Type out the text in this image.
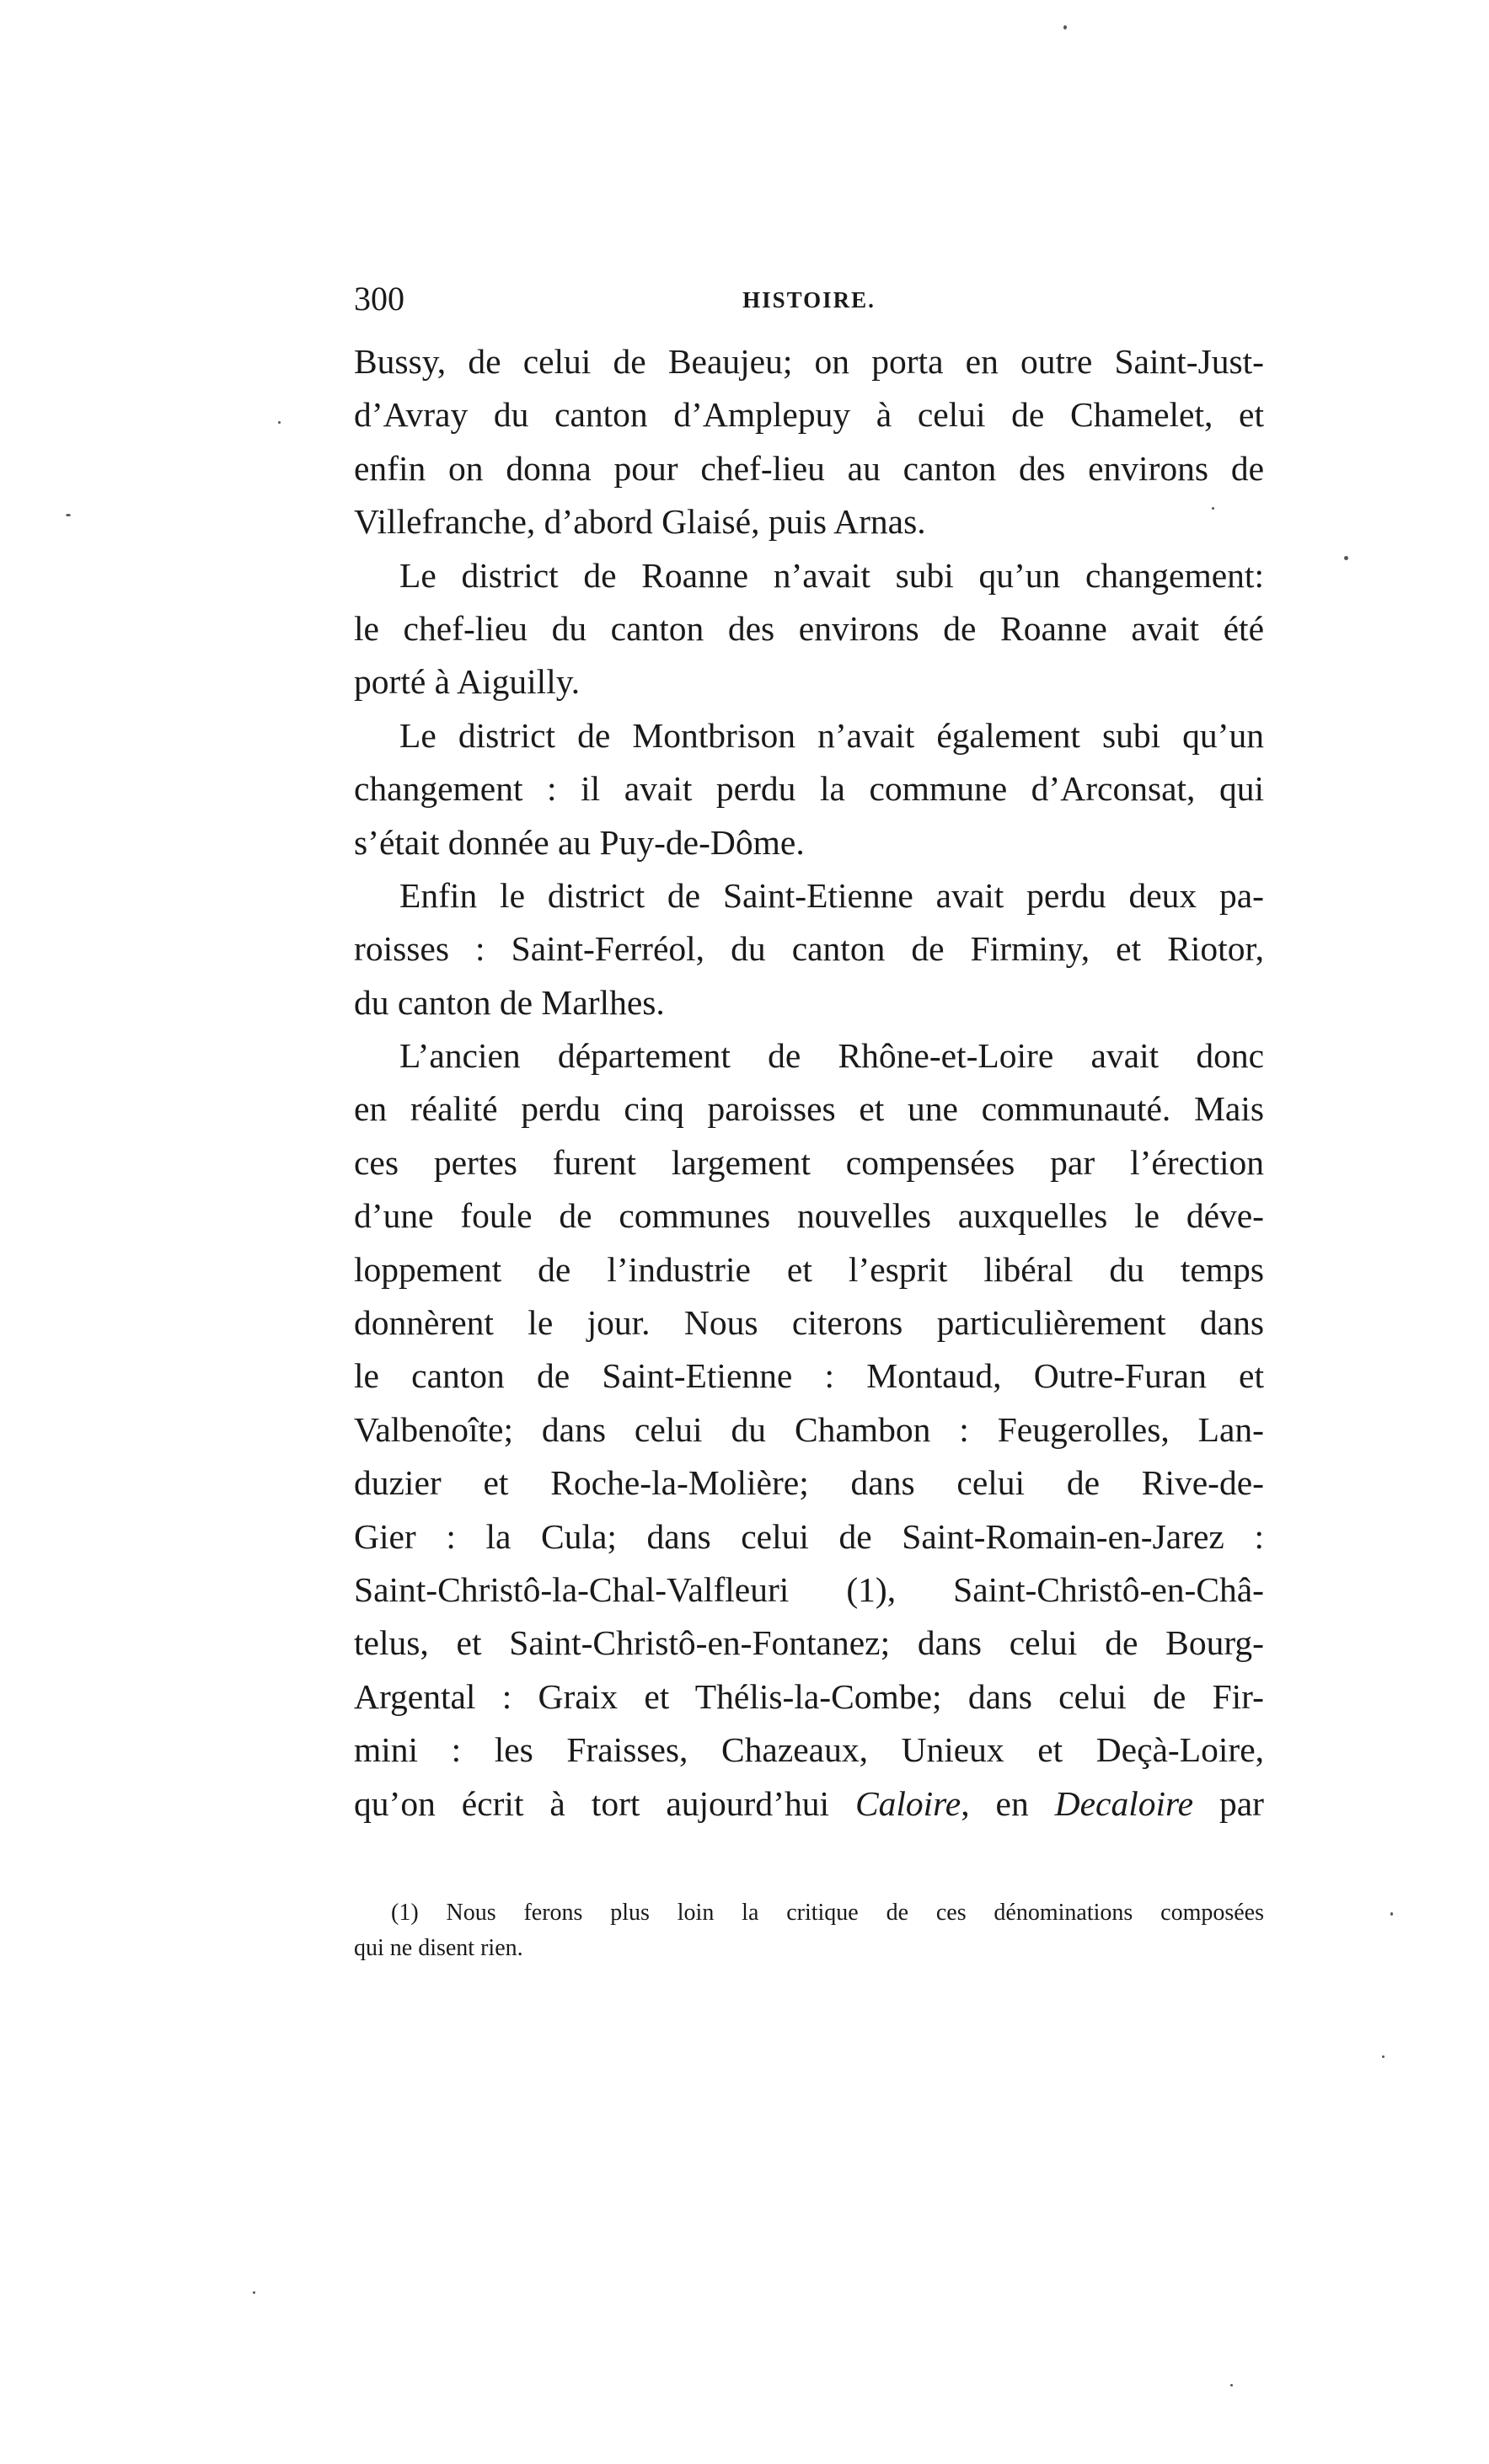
300	HISTOIRE.
Bussy, de celui de Beaujeu; on porta en outre Saint-Just-
d’Avray du canton d’Amplepuy à celui de Chamelet, et
enfin on donna pour chef-lieu au canton des environs de
Villefranche, d’abord Glaisé, puis Arnas.
Le district de Roanne n’avait subi qu’un changement:
le chef-lieu du canton des environs de Roanne avait été
porté à Aiguilly.
Le district de Montbrison n’avait également subi qu’un
changement : il avait perdu la commune d’Arconsat, qui
s’était donnée au Puy-de-Dôme.
Enfin le district de Saint-Etienne avait perdu deux pa-
roisses : Saint-Ferréol, du canton de Firminy, et Riotor,
du canton de Marlhes.
L’ancien département de Rhône-et-Loire avait donc
en réalité perdu cinq paroisses et une communauté. Mais
ces pertes furent largement compensées par l’érection
d’une foule de communes nouvelles auxquelles le déve-
loppement de l’industrie et l’esprit libéral du temps
donnèrent le jour. Nous citerons particulièrement dans
le canton de Saint-Etienne : Montaud, Outre-Furan et
Valbenoîte; dans celui du Chambon : Feugerolles, Lan-
duzier et Roche-la-Molière; dans celui de Rive-de-
Gier : la Cula; dans celui de Saint-Romain-en-Jarez :
Saint-Christô-la-Chal-Valfleuri (1), Saint-Christô-en-Châ-
telus, et Saint-Christô-en-Fontanez; dans celui de Bourg-
Argental : Graix et Thélis-la-Combe; dans celui de Fir-
mini : les Fraisses, Chazeaux, Unieux et Deçà-Loire,
qu’on écrit à tort aujourd’hui Caloire, en Decaloire par
(1) Nous ferons plus loin la critique de ces dénominations composées
qui ne disent rien.
